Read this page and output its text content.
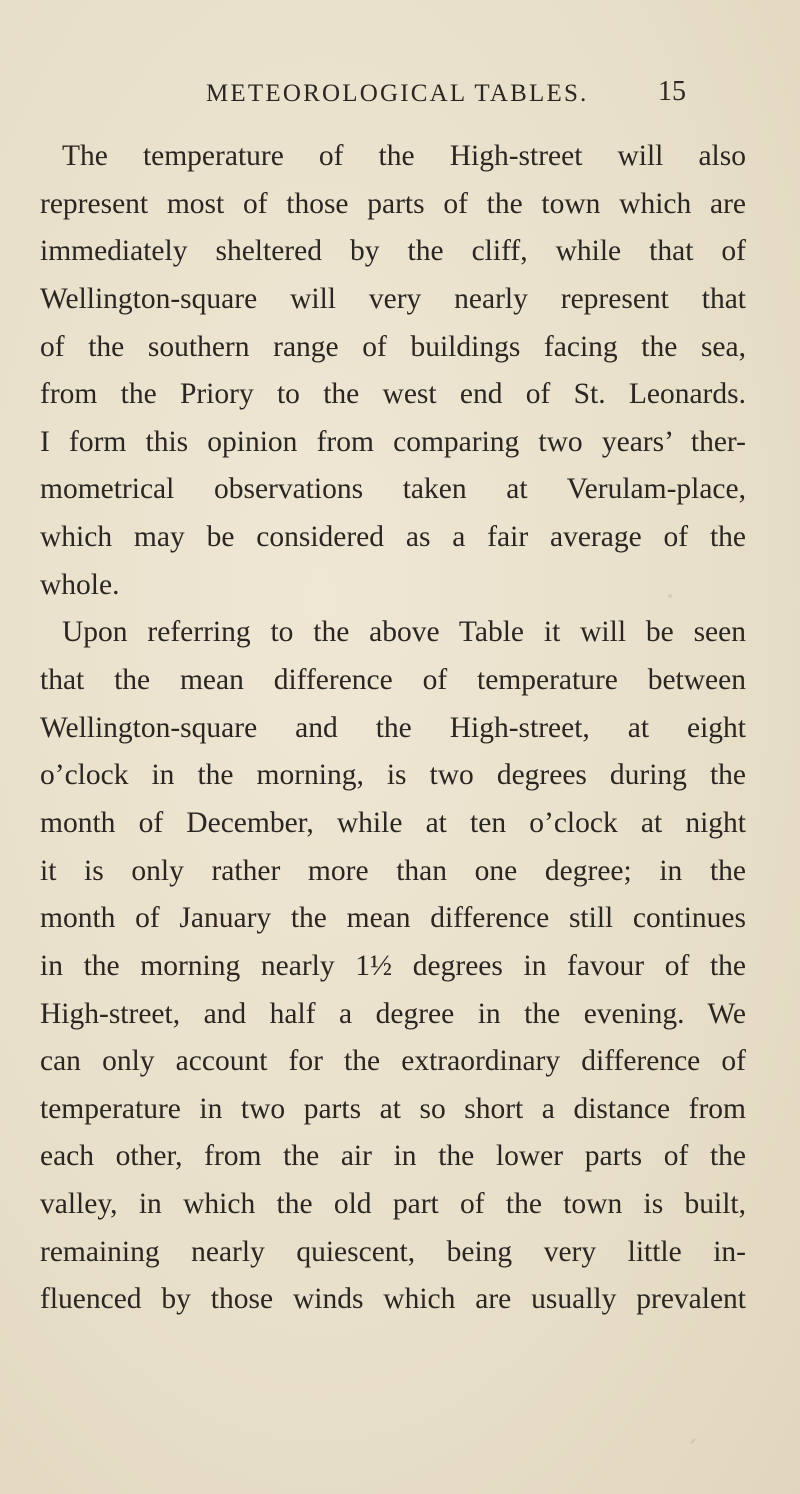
METEOROLOGICAL TABLES. 15
The temperature of the High-street will also
represent most of those parts of the town which are
immediately sheltered by the cliff, while that of
Wellington-square will very nearly represent that
of the southern range of buildings facing the sea,
from the Priory to the west end of St. Leonards.
I form this opinion from comparing two years’ ther-
mometrical observations taken at Verulam-place,
which may be considered as a fair average of the
whole.
Upon referring to the above Table it will be seen
that the mean difference of temperature between
Wellington-square and the High-street, at eight
o’clock in the morning, is two degrees during the
month of December, while at ten o’clock at night
it is only rather more than one degree; in the
month of January the mean difference still continues
in the morning nearly 1½ degrees in favour of the
High-street, and half a degree in the evening. We
can only account for the extraordinary difference of
temperature in two parts at so short a distance from
each other, from the air in the lower parts of the
valley, in which the old part of the town is built,
remaining nearly quiescent, being very little in-
fluenced by those winds which are usually prevalent
